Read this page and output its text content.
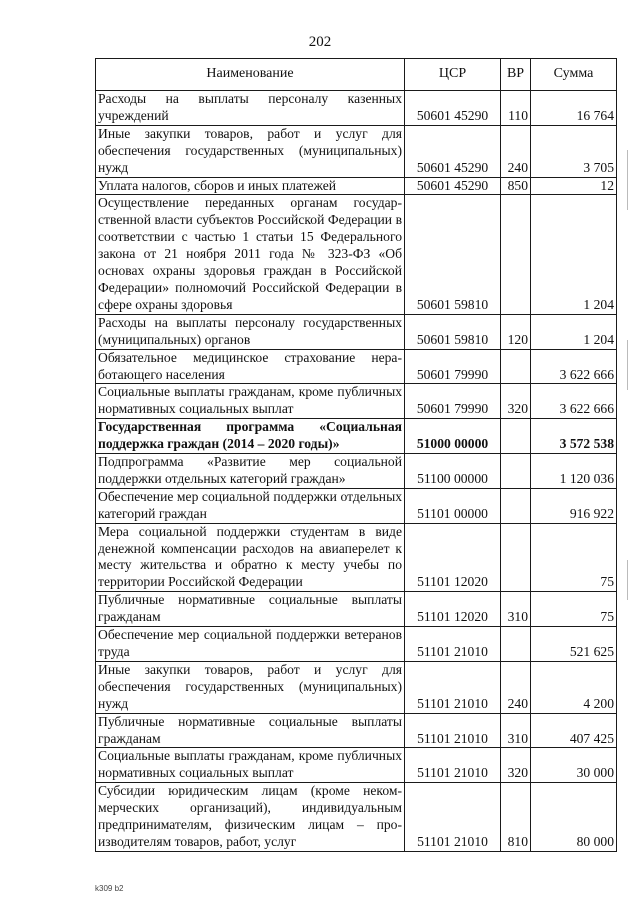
202
Наименование	ЦСР	ВР	Сумма
Расходы на выплаты персоналу казенных учреждений	50601 45290	110	16 764
Иные закупки товаров, работ и услуг для обеспечения государственных (муниципальных) нужд	50601 45290	240	3 705
Уплата налогов, сборов и иных платежей	50601 45290	850	12
Осуществление переданных органам государственной власти субъектов Российской Федерации в соответствии с частью 1 статьи 15 Федерального закона от 21 ноября 2011 года № 323-ФЗ «Об основах охраны здоровья граждан в Российской Федерации» полномочий Российской Федерации в сфере охраны здоровья	50601 59810		1 204
Расходы на выплаты персоналу государственных (муниципальных) органов	50601 59810	120	1 204
Обязательное медицинское страхование неработающего населения	50601 79990		3 622 666
Социальные выплаты гражданам, кроме публичных нормативных социальных выплат	50601 79990	320	3 622 666
Государственная программа «Социальная поддержка граждан (2014 – 2020 годы)»	51000 00000		3 572 538
Подпрограмма «Развитие мер социальной поддержки отдельных категорий граждан»	51100 00000		1 120 036
Обеспечение мер социальной поддержки отдельных категорий граждан	51101 00000		916 922
Мера социальной поддержки студентам в виде денежной компенсации расходов на авиаперелет к месту жительства и обратно к месту учебы по территории Российской Федерации	51101 12020		75
Публичные нормативные социальные выплаты гражданам	51101 12020	310	75
Обеспечение мер социальной поддержки ветеранов труда	51101 21010		521 625
Иные закупки товаров, работ и услуг для обеспечения государственных (муниципальных) нужд	51101 21010	240	4 200
Публичные нормативные социальные выплаты гражданам	51101 21010	310	407 425
Социальные выплаты гражданам, кроме публичных нормативных социальных выплат	51101 21010	320	30 000
Субсидии юридическим лицам (кроме некоммерческих организаций), индивидуальным предпринимателям, физическим лицам – производителям товаров, работ, услуг	51101 21010	810	80 000
k309 b2
